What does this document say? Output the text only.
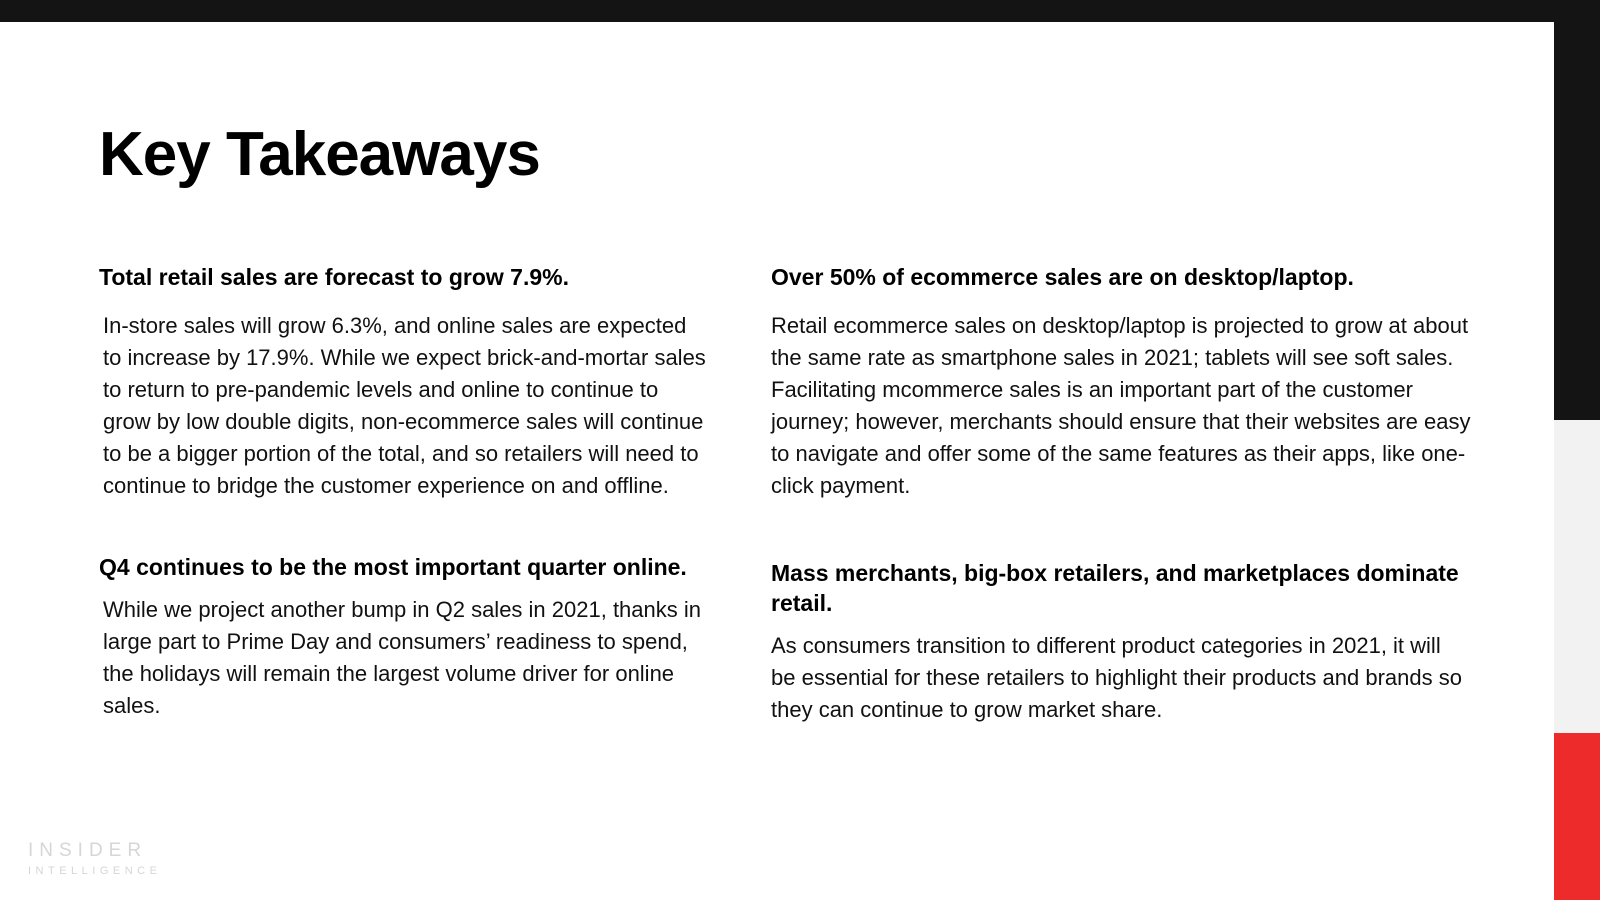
Key Takeaways

Total retail sales are forecast to grow 7.9%.

In-store sales will grow 6.3%, and online sales are expected to increase by 17.9%. While we expect brick-and-mortar sales to return to pre-pandemic levels and online to continue to grow by low double digits, non-ecommerce sales will continue to be a bigger portion of the total, and so retailers will need to continue to bridge the customer experience on and offline.

Q4 continues to be the most important quarter online.

While we project another bump in Q2 sales in 2021, thanks in large part to Prime Day and consumers’ readiness to spend, the holidays will remain the largest volume driver for online sales.

Over 50% of ecommerce sales are on desktop/laptop.

Retail ecommerce sales on desktop/laptop is projected to grow at about the same rate as smartphone sales in 2021; tablets will see soft sales. Facilitating mcommerce sales is an important part of the customer journey; however, merchants should ensure that their websites are easy to navigate and offer some of the same features as their apps, like one-click payment.

Mass merchants, big-box retailers, and marketplaces dominate retail.

As consumers transition to different product categories in 2021, it will be essential for these retailers to highlight their products and brands so they can continue to grow market share.

INSIDER
INTELLIGENCE
